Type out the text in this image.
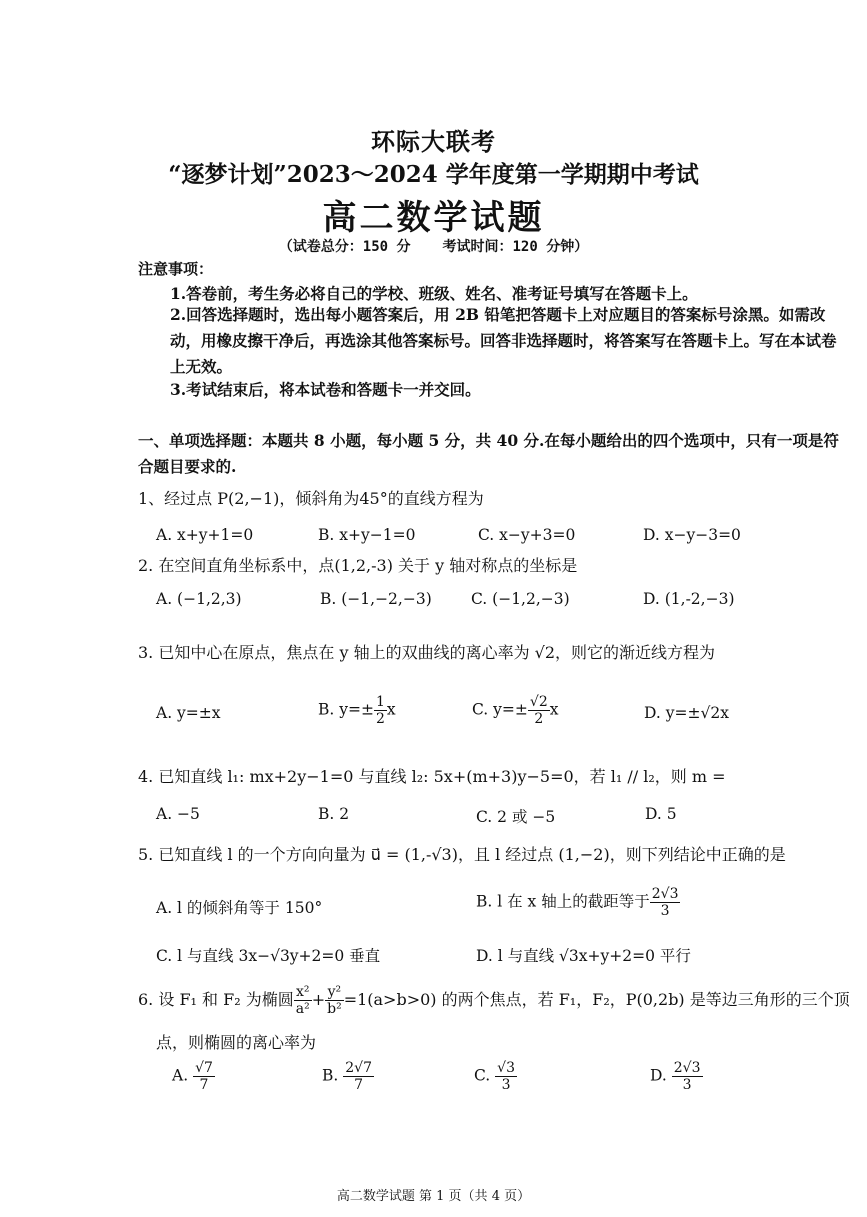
环际大联考
“逐梦计划”2023～2024 学年度第一学期期中考试
高二数学试题
（试卷总分：150 分 考试时间：120 分钟）
注意事项：
1.答卷前，考生务必将自己的学校、班级、姓名、准考证号填写在答题卡上。
2.回答选择题时，选出每小题答案后，用 2B 铅笔把答题卡上对应题目的答案标号涂黑。如需改动，用橡皮擦干净后，再选涂其他答案标号。回答非选择题时，将答案写在答题卡上。写在本试卷上无效。
3.考试结束后，将本试卷和答题卡一并交回。
一、单项选择题：本题共 8 小题，每小题 5 分，共 40 分.在每小题给出的四个选项中，只有一项是符合题目要求的.
1、经过点 P(2,−1)，倾斜角为45°的直线方程为
A. x+y+1=0	B. x+y−1=0	C. x−y+3=0	D. x−y−3=0
2. 在空间直角坐标系中，点(1,2,-3) 关于 y 轴对称点的坐标是
A. (−1,2,3)	B. (−1,−2,−3)	C. (−1,2,−3)	D. (1,-2,−3)
3. 已知中心在原点，焦点在 y 轴上的双曲线的离心率为 √2，则它的渐近线方程为
A. y=±x	B. $y=\pm \frac{1}{2}$ x	C. $y=\pm \frac{√2}{2}$ x	D. y=±√2x
4. 已知直线 l₁: mx+2y−1=0 与直线 l₂: 5x+(m+3)y−5=0，若 l₁ // l₂，则 m =
A. −5	B. 2	C. 2 或 −5	D. 5
5. 已知直线 l 的一个方向向量为 u⃗ = (1,-√3)，且 l 经过点 (1,−2)，则下列结论中正确的是
A. l 的倾斜角等于 150°	B. l 在 x 轴上的截距等于 $\frac{2√3}{3}$
C. l 与直线 3x−√3y+2=0 垂直	D. l 与直线 √3x+y+2=0 平行
6. 设 F₁ 和 F₂ 为椭圆 $\frac{\text{x²}}{\text{a²}} + \frac{\text{y²}}{\text{b²}} =1(a>b>0)$ 的两个焦点，若 F₁，F₂，P(0,2b) 是等边三角形的三个顶
点，则椭圆的离心率为
A. $\frac{√7}{7}$	B. $\frac{2√7}{7}$	C. $\frac{√3}{3}$	D. $\frac{2√3}{3}$
高二数学试题 第 1 页（共 4 页）
